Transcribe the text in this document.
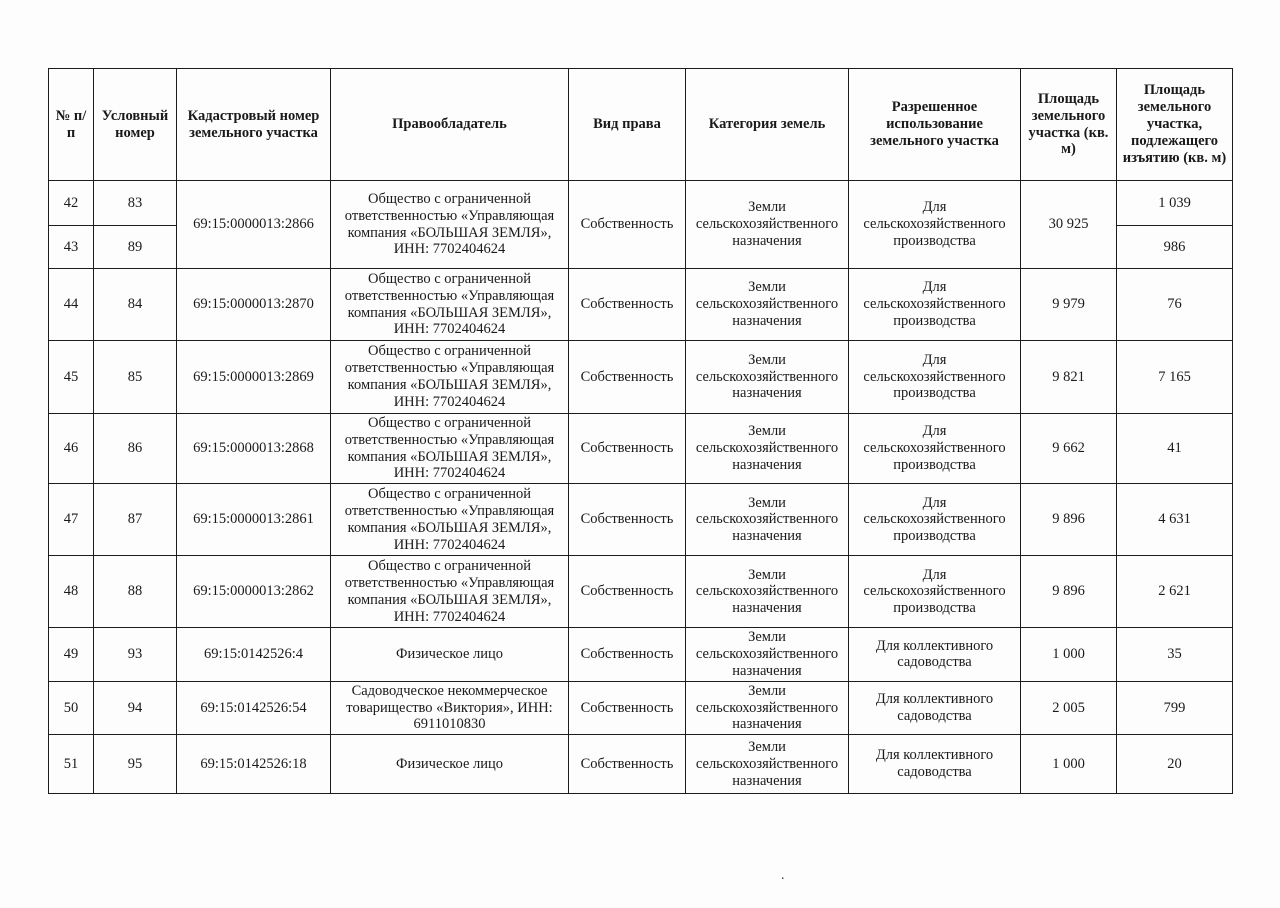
№ п/п	Условный номер	Кадастровый номер земельного участка	Правообладатель	Вид права	Категория земель	Разрешенное использование земельного участка	Площадь земельного участка (кв. м)	Площадь земельного участка, подлежащего изъятию (кв. м)
42	83	69:15:0000013:2866	Общество с ограниченной ответственностью «Управляющая компания «БОЛЬШАЯ ЗЕМЛЯ», ИНН: 7702404624	Собственность	Земли сельскохозяйственного назначения	Для сельскохозяйственного производства	30 925	1 039
43	89							986
44	84	69:15:0000013:2870	Общество с ограниченной ответственностью «Управляющая компания «БОЛЬШАЯ ЗЕМЛЯ», ИНН: 7702404624	Собственность	Земли сельскохозяйственного назначения	Для сельскохозяйственного производства	9 979	76
45	85	69:15:0000013:2869	Общество с ограниченной ответственностью «Управляющая компания «БОЛЬШАЯ ЗЕМЛЯ», ИНН: 7702404624	Собственность	Земли сельскохозяйственного назначения	Для сельскохозяйственного производства	9 821	7 165
46	86	69:15:0000013:2868	Общество с ограниченной ответственностью «Управляющая компания «БОЛЬШАЯ ЗЕМЛЯ», ИНН: 7702404624	Собственность	Земли сельскохозяйственного назначения	Для сельскохозяйственного производства	9 662	41
47	87	69:15:0000013:2861	Общество с ограниченной ответственностью «Управляющая компания «БОЛЬШАЯ ЗЕМЛЯ», ИНН: 7702404624	Собственность	Земли сельскохозяйственного назначения	Для сельскохозяйственного производства	9 896	4 631
48	88	69:15:0000013:2862	Общество с ограниченной ответственностью «Управляющая компания «БОЛЬШАЯ ЗЕМЛЯ», ИНН: 7702404624	Собственность	Земли сельскохозяйственного назначения	Для сельскохозяйственного производства	9 896	2 621
49	93	69:15:0142526:4	Физическое лицо	Собственность	Земли сельскохозяйственного назначения	Для коллективного садоводства	1 000	35
50	94	69:15:0142526:54	Садоводческое некоммерческое товарищество «Виктория», ИНН: 6911010830	Собственность	Земли сельскохозяйственного назначения	Для коллективного садоводства	2 005	799
51	95	69:15:0142526:18	Физическое лицо	Собственность	Земли сельскохозяйственного назначения	Для коллективного садоводства	1 000	20
.
